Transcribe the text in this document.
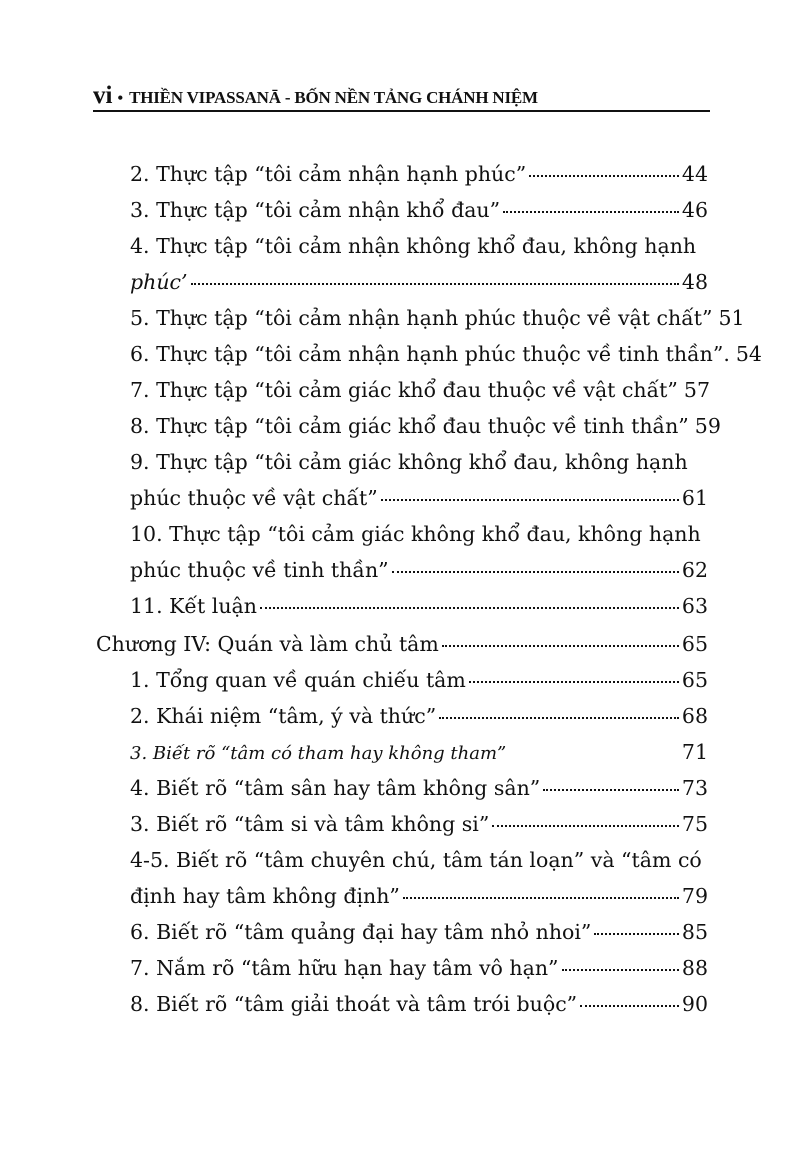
vi • THIỀN VIPASSANĀ - BỐN NỀN TẢNG CHÁNH NIỆM
2. Thực tập “tôi cảm nhận hạnh phúc”	44
3. Thực tập “tôi cảm nhận khổ đau”	46
4. Thực tập “tôi cảm nhận không khổ đau, không hạnh
phúc’	48
5. Thực tập “tôi cảm nhận hạnh phúc thuộc về vật chất” 51
6. Thực tập “tôi cảm nhận hạnh phúc thuộc về tinh thần”. 54
7. Thực tập “tôi cảm giác khổ đau thuộc về vật chất” 57
8. Thực tập “tôi cảm giác khổ đau thuộc về tinh thần” 59
9. Thực tập “tôi cảm giác không khổ đau, không hạnh
phúc thuộc về vật chất”	61
10. Thực tập “tôi cảm giác không khổ đau, không hạnh
phúc thuộc về tinh thần”	62
11. Kết luận	63
Chương IV: Quán và làm chủ tâm	65
1. Tổng quan về quán chiếu tâm	65
2. Khái niệm “tâm, ý và thức”	68
3. Biết rõ “tâm có tham hay không tham”	71
4. Biết rõ “tâm sân hay tâm không sân”	73
3. Biết rõ “tâm si và tâm không si”	75
4-5. Biết rõ “tâm chuyên chú, tâm tán loạn” và “tâm có
định hay tâm không định”	79
6. Biết rõ “tâm quảng đại hay tâm nhỏ nhoi”	85
7. Nắm rõ “tâm hữu hạn hay tâm vô hạn”	88
8. Biết rõ “tâm giải thoát và tâm trói buộc”	90
